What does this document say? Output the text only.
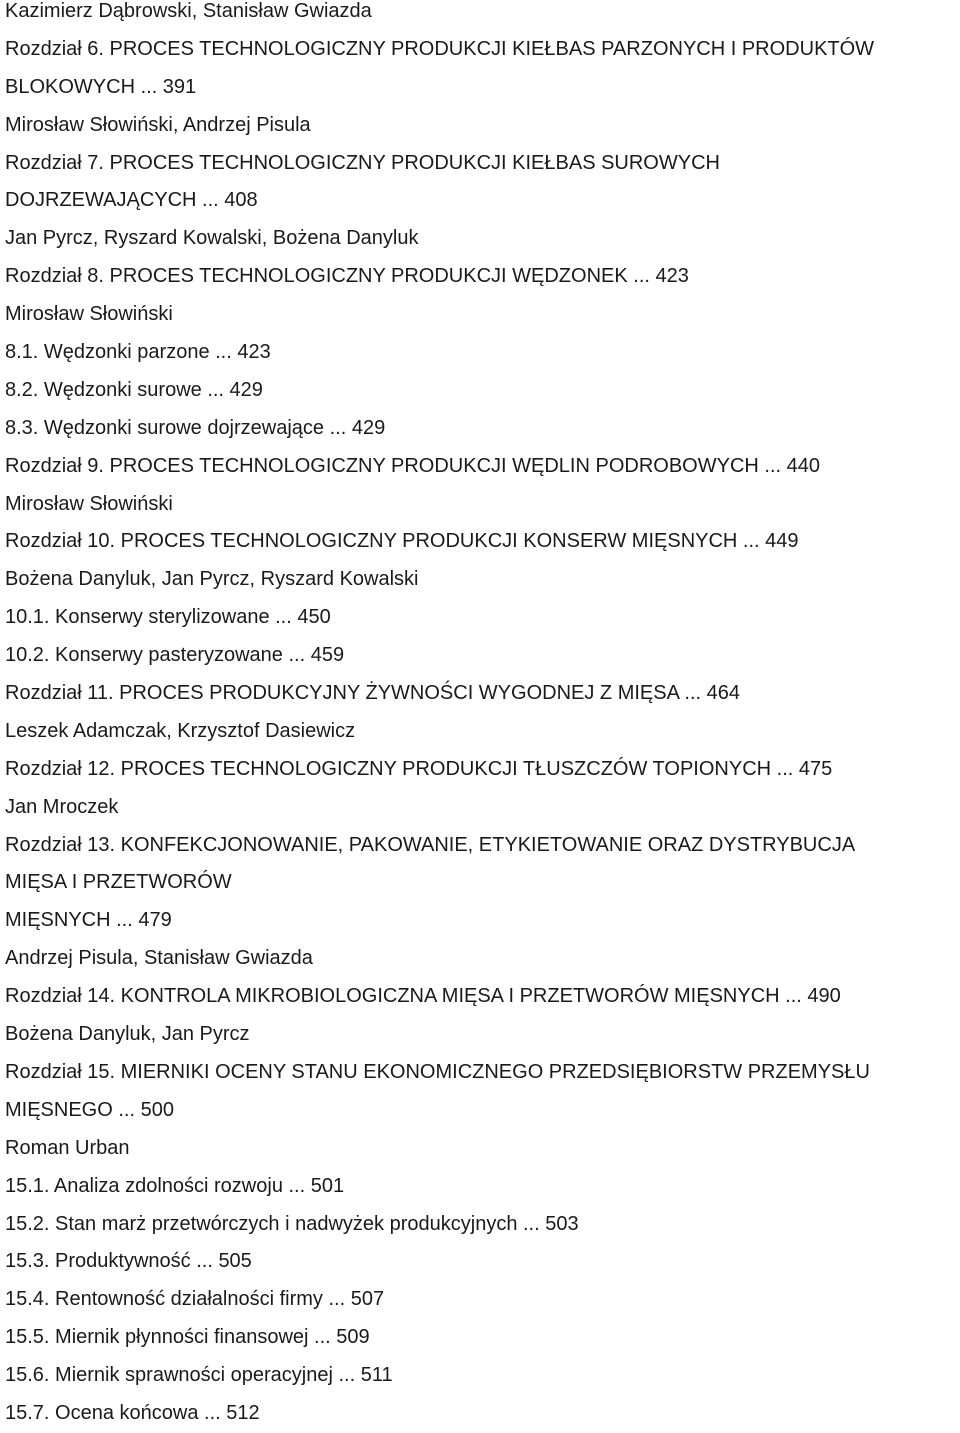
Kazimierz Dąbrowski, Stanisław Gwiazda
Rozdział 6. PROCES TECHNOLOGICZNY PRODUKCJI KIEŁBAS PARZONYCH I PRODUKTÓW
BLOKOWYCH ... 391
Mirosław Słowiński, Andrzej Pisula
Rozdział 7. PROCES TECHNOLOGICZNY PRODUKCJI KIEŁBAS SUROWYCH
DOJRZEWAJĄCYCH ... 408
Jan Pyrcz, Ryszard Kowalski, Bożena Danyluk
Rozdział 8. PROCES TECHNOLOGICZNY PRODUKCJI WĘDZONEK ... 423
Mirosław Słowiński
8.1. Wędzonki parzone ... 423
8.2. Wędzonki surowe ... 429
8.3. Wędzonki surowe dojrzewające ... 429
Rozdział 9. PROCES TECHNOLOGICZNY PRODUKCJI WĘDLIN PODROBOWYCH ... 440
Mirosław Słowiński
Rozdział 10. PROCES TECHNOLOGICZNY PRODUKCJI KONSERW MIĘSNYCH ... 449
Bożena Danyluk, Jan Pyrcz, Ryszard Kowalski
10.1. Konserwy sterylizowane ... 450
10.2. Konserwy pasteryzowane ... 459
Rozdział 11. PROCES PRODUKCYJNY ŻYWNOŚCI WYGODNEJ Z MIĘSA ... 464
Leszek Adamczak, Krzysztof Dasiewicz
Rozdział 12. PROCES TECHNOLOGICZNY PRODUKCJI TŁUSZCZÓW TOPIONYCH ... 475
Jan Mroczek
Rozdział 13. KONFEKCJONOWANIE, PAKOWANIE, ETYKIETOWANIE ORAZ DYSTRYBUCJA
MIĘSA I PRZETWORÓW
MIĘSNYCH ... 479
Andrzej Pisula, Stanisław Gwiazda
Rozdział 14. KONTROLA MIKROBIOLOGICZNA MIĘSA I PRZETWORÓW MIĘSNYCH ... 490
Bożena Danyluk, Jan Pyrcz
Rozdział 15. MIERNIKI OCENY STANU EKONOMICZNEGO PRZEDSIĘBIORSTW PRZEMYSŁU
MIĘSNEGO ... 500
Roman Urban
15.1. Analiza zdolności rozwoju ... 501
15.2. Stan marż przetwórczych i nadwyżek produkcyjnych ... 503
15.3. Produktywność ... 505
15.4. Rentowność działalności firmy ... 507
15.5. Miernik płynności finansowej ... 509
15.6. Miernik sprawności operacyjnej ... 511
15.7. Ocena końcowa ... 512
